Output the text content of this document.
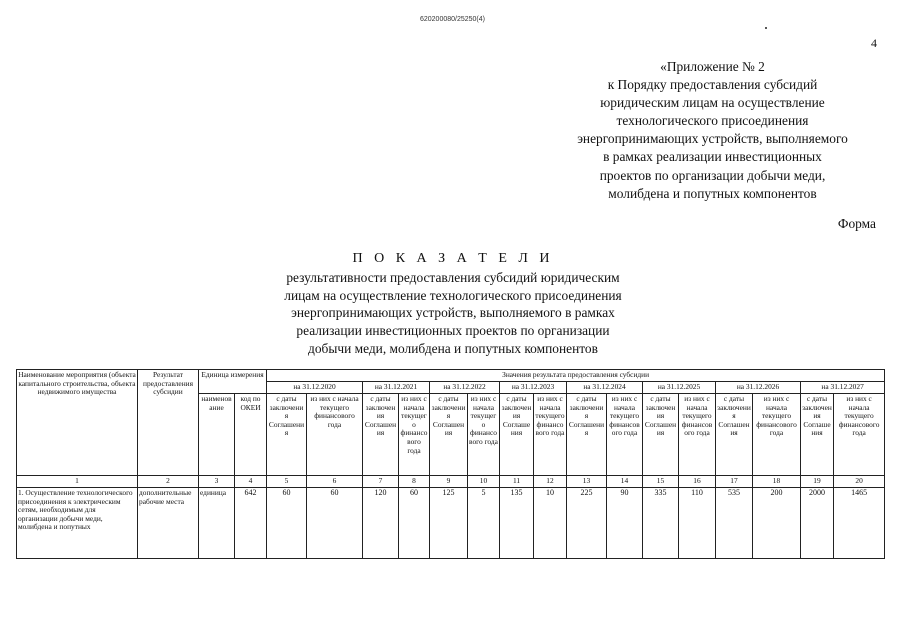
620200080/25250(4)
4
«Приложение № 2
к Порядку предоставления субсидий
юридическим лицам на осуществление
технологического присоединения
энергопринимающих устройств, выполняемого
в рамках реализации инвестиционных
проектов по организации добычи меди,
молибдена и попутных компонентов
Форма
П О К А З А Т Е Л И
результативности предоставления субсидий юридическим
лицам на осуществление технологического присоединения
энергопринимающих устройств, выполняемого в рамках
реализации инвестиционных проектов по организации
добычи меди, молибдена и попутных компонентов
Наименование мероприятия (объекта капитального строительства, объекта недвижимого имущества	Результат предоставления субсидии	Единица измерения		Значения результата предоставления субсидии															
				на 31.12.2020		на 31.12.2021		на 31.12.2022		на 31.12.2023		на 31.12.2024		на 31.12.2025		на 31.12.2026		на 31.12.2027	
		наименование	код по ОКЕИ	с даты заключения Соглашения	из них с начала текущего финансового года	с даты заключения Соглашения	из них с начала текущего финансового года	с даты заключения Соглашения	из них с начала текущего финансового года	с даты заключения Соглашения	из них с начала текущего финансового года	с даты заключения Соглашения	из них с начала текущего финансового года	с даты заключения Соглашения	из них с начала текущего финансового года	с даты заключения Соглашения	из них с начала текущего финансового года	с даты заключения Соглашения	из них с начала текущего финансового года
1	2	3	4	5	6	7	8	9	10	11	12	13	14	15	16	17	18	19	20
1. Осуществление технологического присоединения к электрическим сетям, необходимым для организации добычи меди, молибдена и попутных	дополнительные рабочие места	единица	642	60	60	120	60	125	5	135	10	225	90	335	110	535	200	2000	1465
